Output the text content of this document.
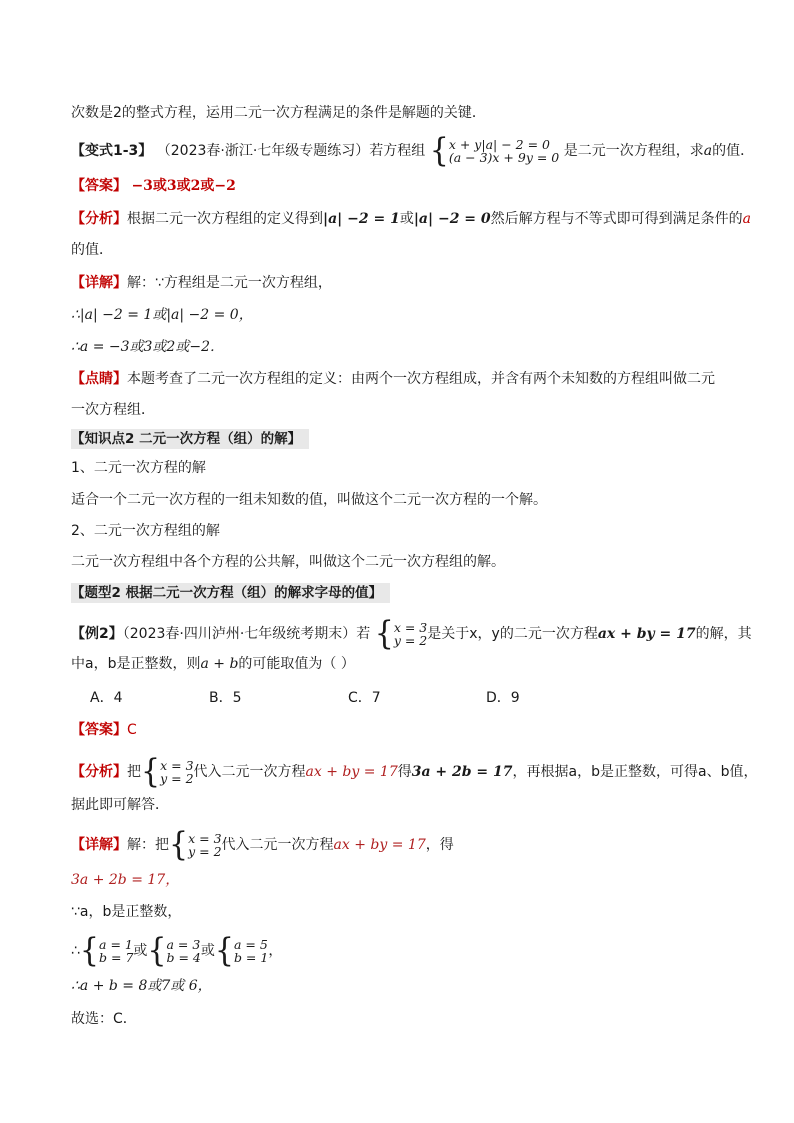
次数是2的整式方程，运用二元一次方程满足的条件是解题的关键．
【变式1-3】 （2023春·浙江·七年级专题练习）若方程组 { x + y|a| − 2 = 0
(a − 3)x + 9y = 0 是二元一次方程组，求a的值．
【答案】 −3或3或2或−2
【分析】根据二元一次方程组的定义得到|a| −2 = 1或|a| −2 = 0然后解方程与不等式即可得到满足条件的a
的值．
【详解】解：∵方程组是二元一次方程组，
∴|a| −2 = 1或|a| −2 = 0，
∴a = −3或3或2或−2．
【点睛】本题考查了二元一次方程组的定义：由两个一次方程组成，并含有两个未知数的方程组叫做二元
一次方程组．
【知识点2 二元一次方程（组）的解】
1、二元一次方程的解
适合一个二元一次方程的一组未知数的值，叫做这个二元一次方程的一个解。
2、二元一次方程组的解
二元一次方程组中各个方程的公共解，叫做这个二元一次方程组的解。
【题型2 根据二元一次方程（组）的解求字母的值】
【例2】（2023春·四川泸州·七年级统考期末）若 { x = 3
y = 2 是关于x，y的二元一次方程ax + by = 17的解，其
中a，b是正整数，则a + b的可能取值为（ ）
A．4	B．5	C．7	D．9
【答案】C
【分析】把{ x = 3
y = 2 代入二元一次方程ax + by = 17得3a + 2b = 17，再根据a，b是正整数，可得a、b值，
据此即可解答．
【详解】解：把{ x = 3
y = 2 代入二元一次方程ax + by = 17，得
3a + 2b = 17，
∵a，b是正整数，
∴{ a = 1
b = 7 或{ a = 3
b = 4 或{ a = 5
b = 1 ，
∴a + b = 8或7或 6，
故选：C．
